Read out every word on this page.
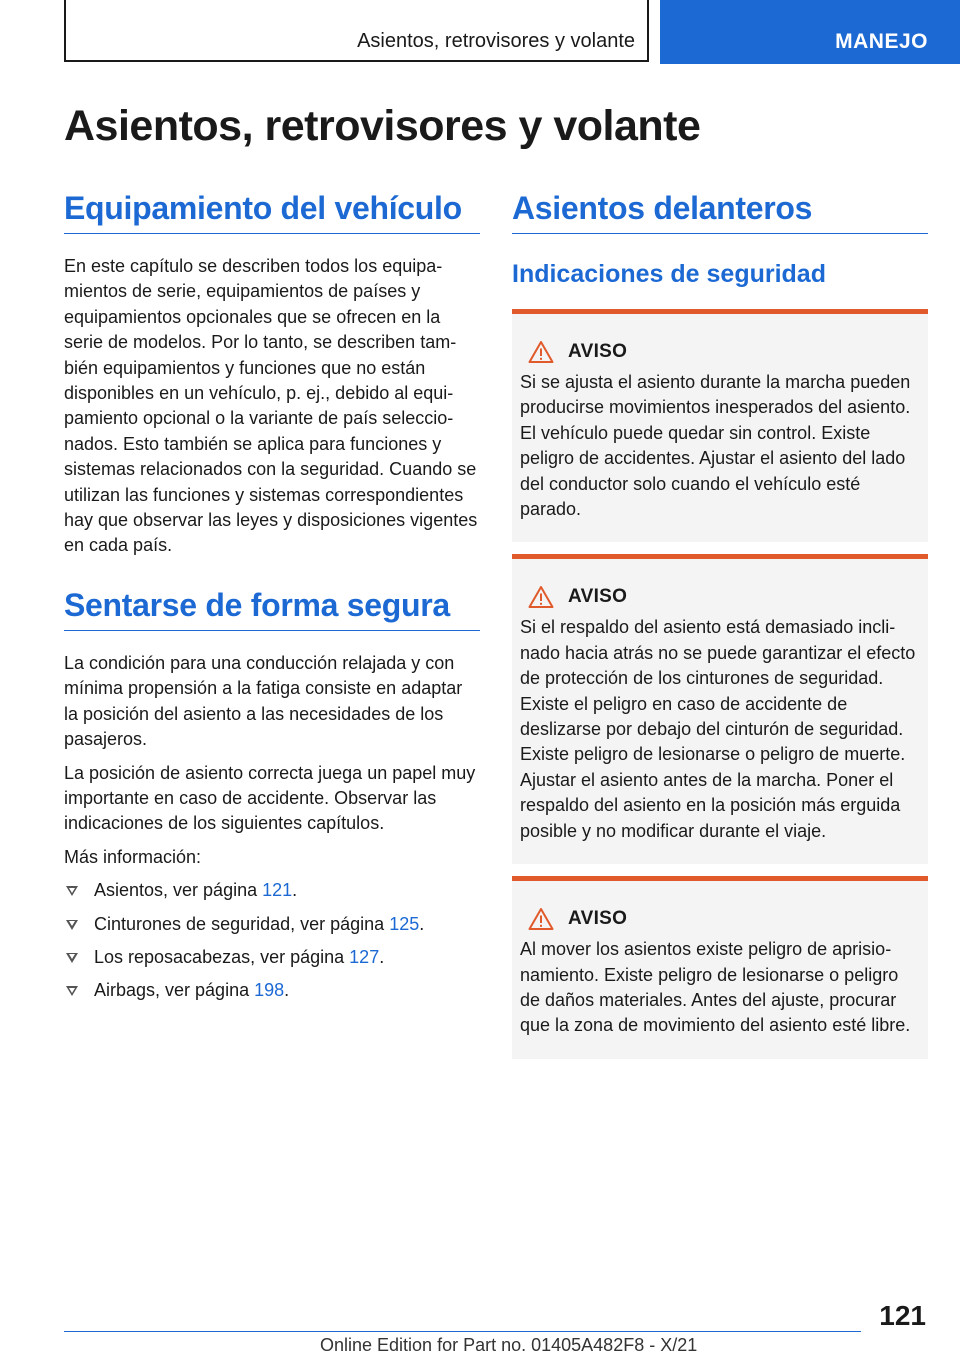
Asientos, retrovisores y volante	MANEJO
Asientos, retrovisores y volante
Equipamiento del vehículo

En este capítulo se describen todos los equipamientos de serie, equipamientos de países y equipamientos opcionales que se ofrecen en la serie de modelos. Por lo tanto, se describen también equipamientos y funciones que no están disponibles en un vehículo, p. ej., debido al equipamiento opcional o la variante de país seleccionados. Esto también se aplica para funciones y sistemas relacionados con la seguridad. Cuando se utilizan las funciones y sistemas correspondientes hay que observar las leyes y disposiciones vigentes en cada país.

Sentarse de forma segura

La condición para una conducción relajada y con mínima propensión a la fatiga consiste en adaptar la posición del asiento a las necesidades de los pasajeros.

La posición de asiento correcta juega un papel muy importante en caso de accidente. Observar las indicaciones de los siguientes capítulos.

Más información:

Asientos, ver página 121.
Cinturones de seguridad, ver página 125.
Los reposacabezas, ver página 127.
Airbags, ver página 198.
Asientos delanteros
Indicaciones de seguridad
AVISO

Si se ajusta el asiento durante la marcha pueden producirse movimientos inesperados del asiento. El vehículo puede quedar sin control. Existe peligro de accidentes. Ajustar el asiento del lado del conductor solo cuando el vehículo esté parado.

AVISO

Si el respaldo del asiento está demasiado inclinado hacia atrás no se puede garantizar el efecto de protección de los cinturones de seguridad. Existe el peligro en caso de accidente de deslizarse por debajo del cinturón de seguridad. Existe peligro de lesionarse o peligro de muerte. Ajustar el asiento antes de la marcha. Poner el respaldo del asiento en la posición más erguida posible y no modificar durante el viaje.

AVISO

Al mover los asientos existe peligro de aprisionamiento. Existe peligro de lesionarse o peligro de daños materiales. Antes del ajuste, procurar que la zona de movimiento del asiento esté libre.

121
Online Edition for Part no. 01405A482F8 - X/21
